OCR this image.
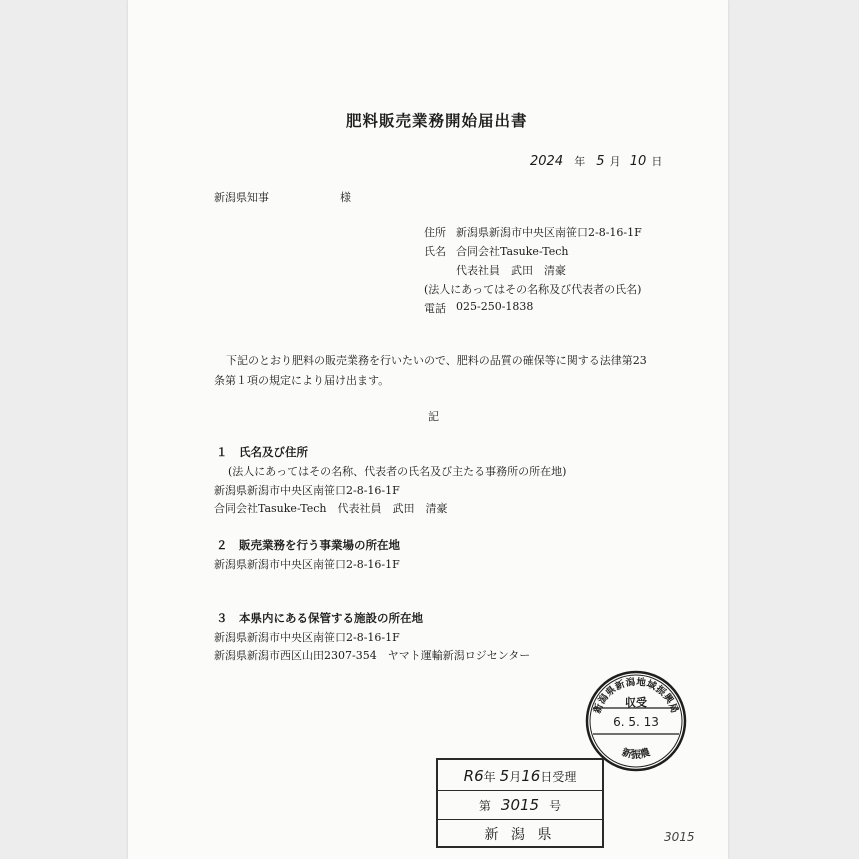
肥料販売業務開始届出書
2024 年 5 月 10 日
新潟県知事	様
住所 新潟県新潟市中央区南笹口2-8-16-1F
氏名 合同会社Tasuke-Tech
代表社員　武田　清豪
(法人にあってはその名称及び代表者の氏名)
電話 025-250-1838
下記のとおり肥料の販売業務を行いたいので、肥料の品質の確保等に関する法律第23
条第１項の規定により届け出ます。
記
１　氏名及び住所
(法人にあってはその名称、代表者の氏名及び主たる事務所の所在地)
新潟県新潟市中央区南笹口2-8-16-1F
合同会社Tasuke-Tech　代表社員　武田　清豪
２　販売業務を行う事業場の所在地
新潟県新潟市中央区南笹口2-8-16-1F
３　本県内にある保管する施設の所在地
新潟県新潟市中央区南笹口2-8-16-1F
新潟県新潟市西区山田2307-354　ヤマト運輸新潟ロジセンター
新潟県新潟地域振興局
収受
6. 5. 13
新振農
R6 年 5 月 16 日受理
第 3015 号
新 潟 県	3015
